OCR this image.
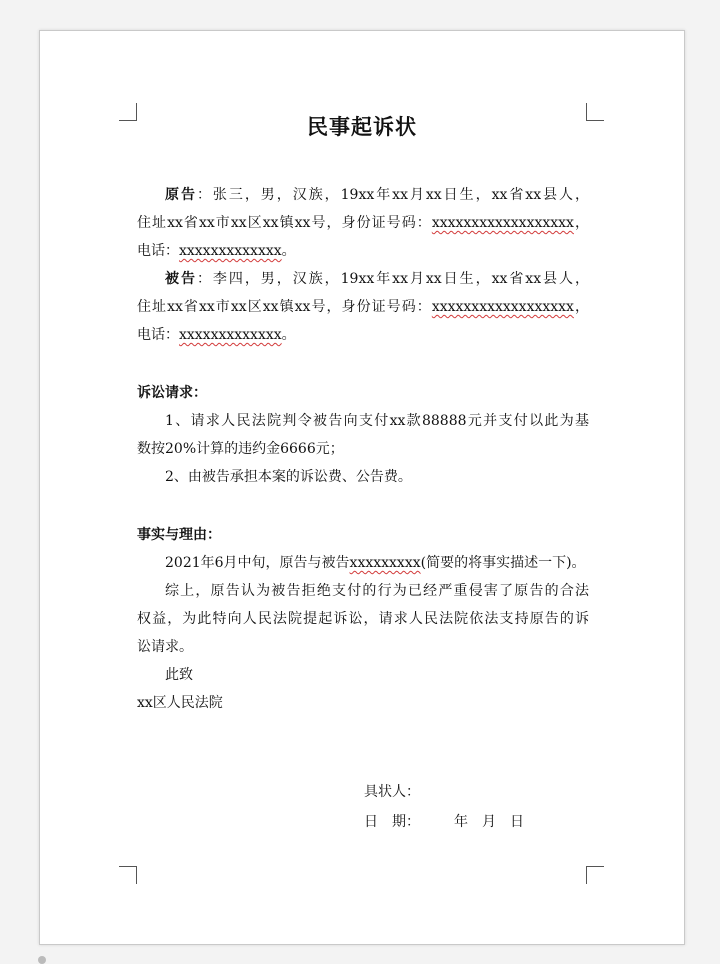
民事起诉状
原告：张三，男，汉族，19xx年xx月xx日生，xx省xx县人，
住址xx省xx市xx区xx镇xx号，身份证号码：xxxxxxxxxxxxxxxxxx，
电话：xxxxxxxxxxxxx。
被告：李四，男，汉族，19xx年xx月xx日生，xx省xx县人，
住址xx省xx市xx区xx镇xx号，身份证号码：xxxxxxxxxxxxxxxxxx，
电话：xxxxxxxxxxxxx。
诉讼请求：
1、请求人民法院判令被告向支付xx款88888元并支付以此为基
数按20%计算的违约金6666元；
2、由被告承担本案的诉讼费、公告费。
事实与理由：
2021年6月中旬，原告与被告xxxxxxxxx(简要的将事实描述一下)。
综上，原告认为被告拒绝支付的行为已经严重侵害了原告的合法
权益，为此特向人民法院提起诉讼，请求人民法院依法支持原告的诉
讼请求。
此致
xx区人民法院
具状人：
日　期： 年　月　日
